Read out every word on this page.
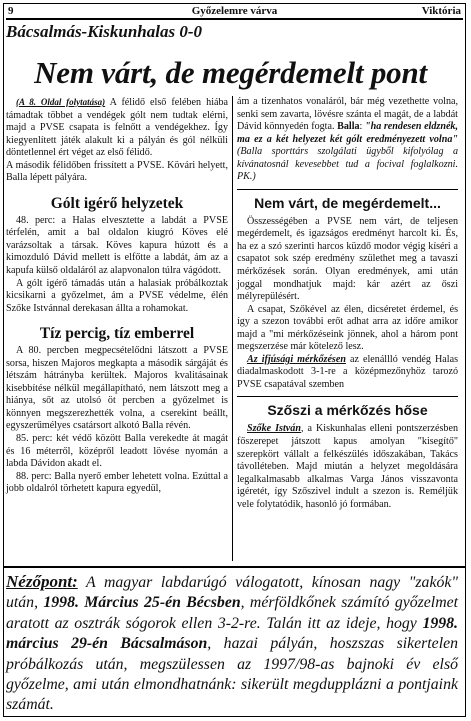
9	Győzelemre várva	Viktória
Bácsalmás-Kiskunhalas 0-0
Nem várt, de megérdemelt pont

(A 8. Oldal folytatása) A félidő első felében hiába támadtak többet a vendégek gólt nem tudtak elérni, majd a PVSE csapata is felnőtt a vendégekhez. Így kiegyenlített játék alakult ki a pályán és gól nélküli döntetlennel ért véget az első félidő.

A második félidőben frissített a PVSE. Kövári helyett, Balla lépett pályára.

Gólt igérő helyzetek

48. perc: a Halas elvesztette a labdát a PVSE térfelén, amit a bal oldalon kiugró Köves elé varázsoltak a társak. Köves kapura húzott és a kimozduló Dávid mellett is elfőtte a labdát, ám az a kapufa külső oldaláról az alapvonalon túlra vágódott.

A gólt igérő támadás után a halasiak próbálkoztak kicsikarni a győzelmet, ám a PVSE védelme, élén Szőke Istvánnal derekasan állta a rohamokat.

Tíz percig, tíz emberrel

A 80. percben megpecsételődni látszott a PVSE sorsa, hiszen Majoros megkapta a második sárgáját és létszám hátrányba kerültek. Majoros kvalitásainak kisebbítése nélkül megállapítható, nem látszott meg a hiánya, sőt az utolsó öt percben a győzelmet is könnyen megszerezhették volna, a cserekint beállt, egyszerűmélyes csatársort alkotó Balla révén.

85. perc: két védő között Balla verekedte át magát és 16 méterről, középről leadott lövése nyomán a labda Dávidon akadt el.

88. perc: Balla nyerő ember lehetett volna. Ezúttal a jobb oldalról törhetett kapura egyedül,

ám a tizenhatos vonaláról, bár még vezethette volna, senki sem zavarta, lövésre szánta el magát, de a labdát Dávid könnyedén fogta. Balla: "ha rendesen eldznék, ma ez a két helyezet két gólt eredményezett volna" (Balla sporttárs szolgálati ügyből kifolyólag a kívánatosnál kevesebbet tud a focival foglalkozni. PK.)

Nem várt, de megérdemelt...

Összességében a PVSE nem várt, de teljesen megérdemelt, és igazságos eredményt harcolt ki. És, ha ez a szó szerinti harcos küzdő modor végig kíséri a csapatot sok szép eredmény születhet meg a tavaszi mérkőzések során. Olyan eredmények, ami után joggal mondhatjuk majd: kár azért az őszi mélyrepülésért.

A csapat, Szőkével az élen, dicséretet érdemel, és így a szezon további erőt adhat arra az időre amikor majd a "mi mérkőzéseink jönnek, ahol a három pont megszerzése már kötelező lesz.

Az ifjúsági mérkőzésen az elenállló vendég Halas diadalmaskodott 3-1-re a középmezőnyhöz tarozó PVSE csapatával szemben

Szőszi a mérkőzés hőse

Szőke István, a Kiskunhalas elleni pontszerzésben főszerepet játszott kapus amolyan "kisegítő" szerepkört vállalt a felkészülés időszakában, Takács távolléteben. Majd miután a helyzet megoldására legalkalmasabb alkalmas Varga János visszavonta igéretét, így Szőszivel indult a szezon is. Reméljük vele folytatódik, hasonló jó formában.

Nézőpont: A magyar labdarúgó válogatott, kínosan nagy "zakók" után, 1998. Március 25-én Bécsben, mérföldkőnek számító győzelmet aratott az osztrák sógorok ellen 3-2-re. Talán itt az ideje, hogy 1998. március 29-én Bácsalmáson, hazai pályán, hoszszas sikertelen próbálkozás után, megszülessen az 1997/98-as bajnoki év első győzelme, ami után elmondhatnánk: sikerült megdupplázni a pontjaink számát.
